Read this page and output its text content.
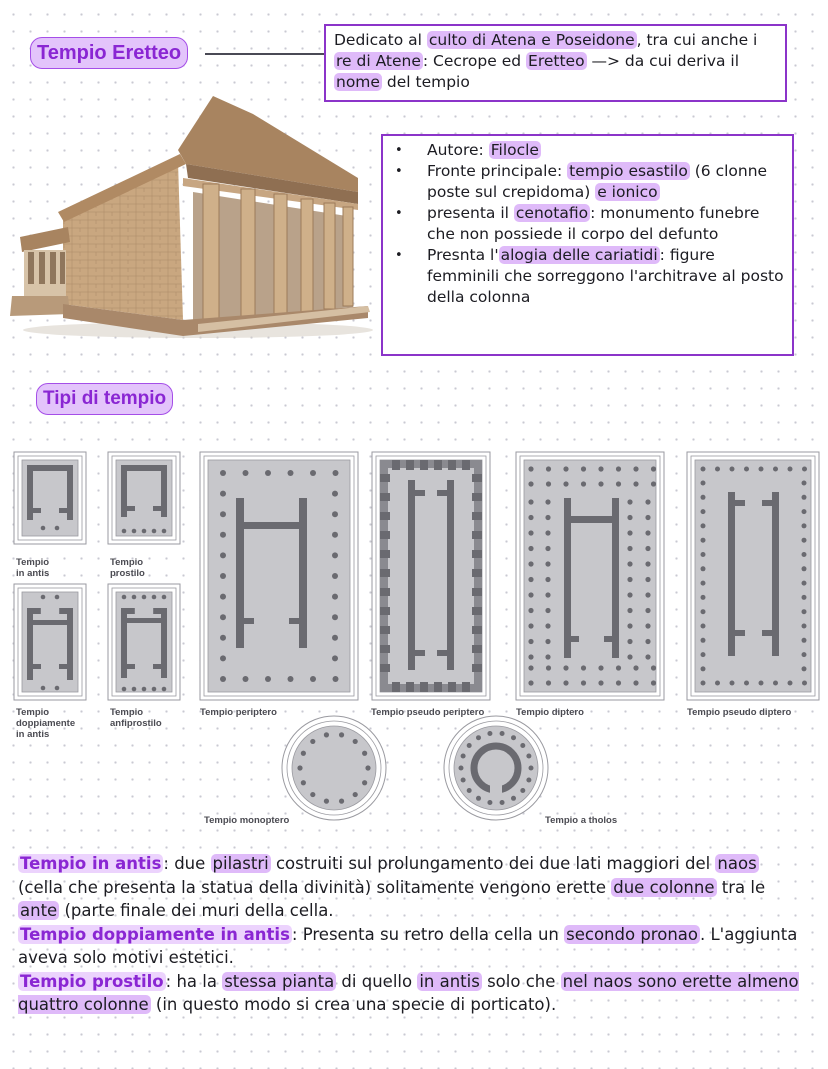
Tempio Eretteo
Dedicato al culto di Atena e Poseidone , tra cui anche i re di Atene : Cecrope ed Eretteo —> da cui deriva il nome del tempio
• Autore: Filocle
• Fronte principale: tempio esastilo (6 clonne poste sul crepidoma) e ionico
• presenta il cenotafio : monumento funebre che non possiede il corpo del defunto
• Presnta l' alogia delle cariatidi : figure femminili che sorreggono l'architrave al posto della colonna
Tipi di tempio
Tempio
in antis
Tempio
prostilo
Tempio
doppiamente
in antis
Tempio
anfiprostilo
Tempio periptero	Tempio pseudo periptero	Tempio diptero	Tempio pseudo diptero
Tempio monoptero	Tempio a tholos

Tempio in antis : due pilastri costruiti sul prolungamento dei due lati maggiori del naos (cella che presenta la statua della divinità) solitamente vengono erette due colonne tra le ante (parte finale dei muri della cella.

Tempio doppiamente in antis : Presenta su retro della cella un secondo pronao . L'aggiunta aveva solo motivi estetici.

Tempio prostilo : ha la stessa pianta di quello in antis solo che nel naos sono erette almeno quattro colonne (in questo modo si crea una specie di porticato).
